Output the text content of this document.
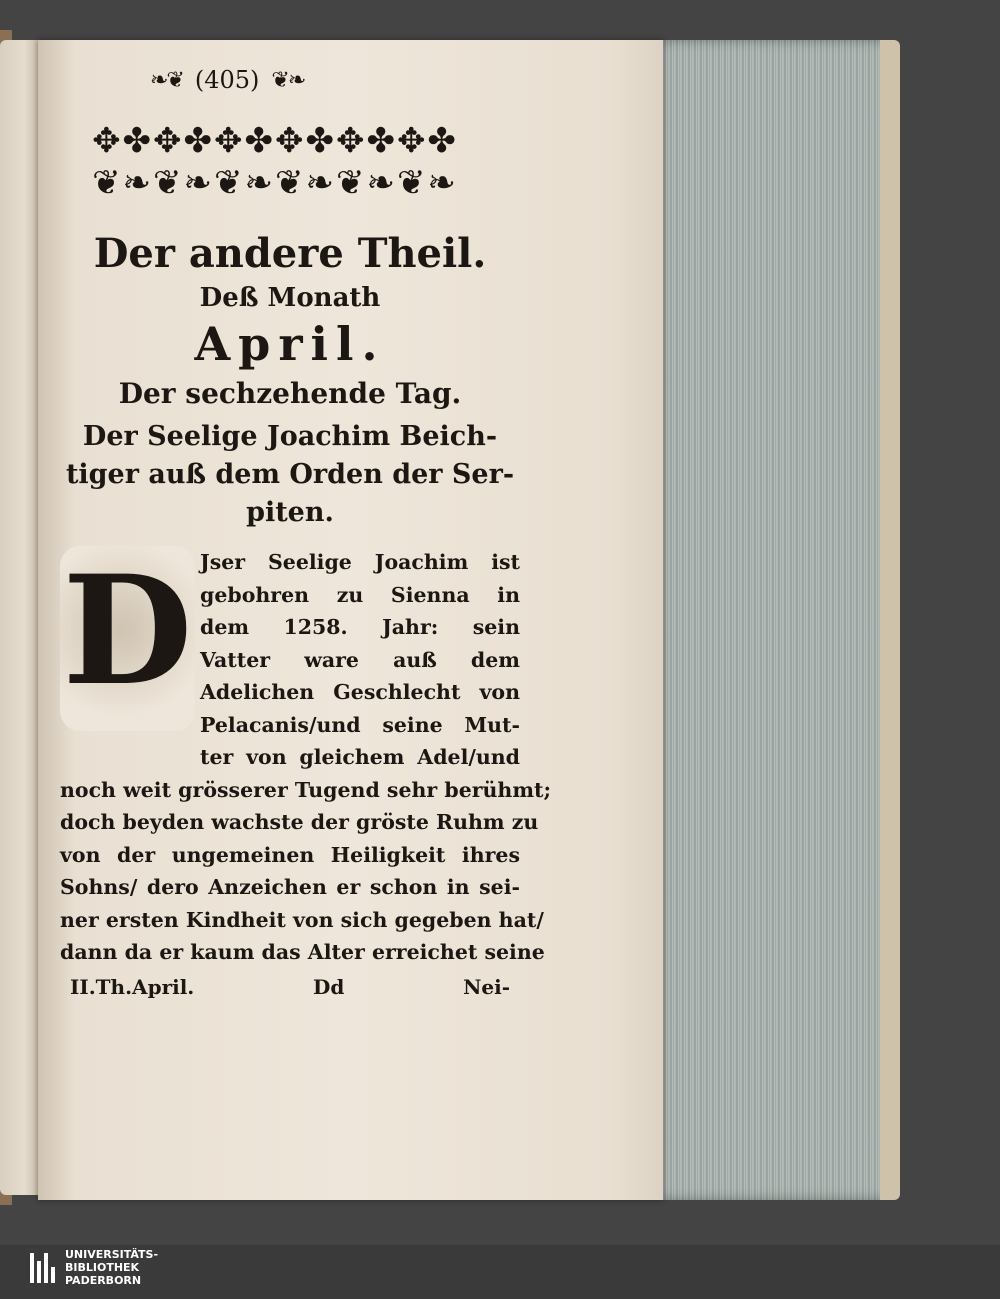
❧❦ (405) ❦❧
✥✤✥✤✥✤✥✤✥✤✥✤
❦❧❦❧❦❧❦❧❦❧❦❧
Der andere Theil.
Deß Monath
April.
Der sechzehende Tag.
Der Seelige Joachim Beich-
tiger auß dem Orden der Ser-
piten.
D Jser Seelige Joachim ist
gebohren zu Sienna in
dem 1258. Jahr: sein
Vatter ware auß dem
Adelichen Geschlecht von
Pelacanis/und seine Mut-
ter von gleichem Adel/und
noch weit grösserer Tugend sehr berühmt;
doch beyden wachste der gröste Ruhm zu
von der ungemeinen Heiligkeit ihres
Sohns/ dero Anzeichen er schon in sei-
ner ersten Kindheit von sich gegeben hat/
dann da er kaum das Alter erreichet seine
II.Th.April.	Dd	Nei-
UNIVERSITÄTS-
BIBLIOTHEK
PADERBORN
